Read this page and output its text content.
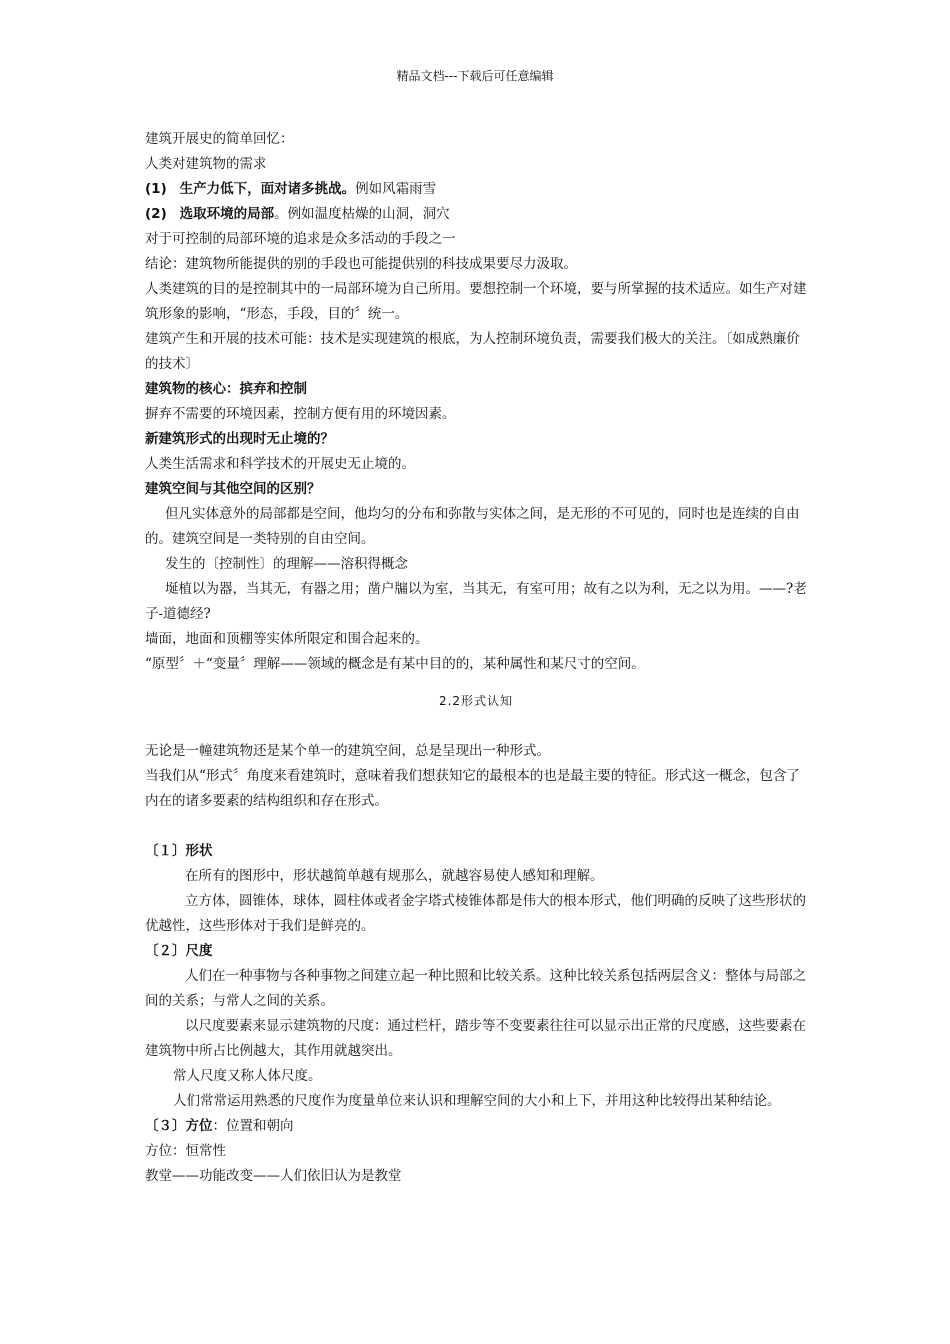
精品文档---下载后可任意编辑

建筑开展史的简单回忆：

人类对建筑物的需求

(1) 生产力低下，面对诸多挑战。例如风霜雨雪

(2) 选取环境的局部。例如温度枯燥的山洞，洞穴

对于可控制的局部环境的追求是众多活动的手段之一

结论：建筑物所能提供的别的手段也可能提供别的科技成果要尽力汲取。

人类建筑的目的是控制其中的一局部环境为自己所用。要想控制一个环境，要与所掌握的技术适应。如生产对建筑形象的影响，“形态，手段，目的〞统一。

建筑产生和开展的技术可能：技术是实现建筑的根底，为人控制环境负责，需要我们极大的关注。〔如成熟廉价的技术〕

建筑物的核心：摈弃和控制

摒弃不需要的环境因素，控制方便有用的环境因素。

新建筑形式的出现时无止境的？

人类生活需求和科学技术的开展史无止境的。

建筑空间与其他空间的区别？

但凡实体意外的局部都是空间，他均匀的分布和弥散与实体之间，是无形的不可见的，同时也是连续的自由的。建筑空间是一类特别的自由空间。

发生的〔控制性〕的理解——溶积得概念

埏植以为器，当其无，有器之用；凿户牖以为室，当其无，有室可用；故有之以为利，无之以为用。——?老子-道德经?

墙面，地面和顶棚等实体所限定和围合起来的。

“原型〞＋“变量〞理解——领域的概念是有某中目的的，某种属性和某尺寸的空间。

2.2形式认知

无论是一幢建筑物还是某个单一的建筑空间，总是呈现出一种形式。

当我们从“形式〞角度来看建筑时，意味着我们想获知它的最根本的也是最主要的特征。形式这一概念，包含了内在的诸多要素的结构组织和存在形式。

〔１〕形状

在所有的图形中，形状越简单越有规那么，就越容易使人感知和理解。

立方体，圆锥体，球体，圆柱体或者金字塔式棱锥体都是伟大的根本形式，他们明确的反映了这些形状的优越性，这些形体对于我们是鲜亮的。

〔２〕尺度

人们在一种事物与各种事物之间建立起一种比照和比较关系。这种比较关系包括两层含义：整体与局部之间的关系；与常人之间的关系。

以尺度要素来显示建筑物的尺度：通过栏杆，踏步等不变要素往往可以显示出正常的尺度感，这些要素在建筑物中所占比例越大，其作用就越突出。

常人尺度又称人体尺度。

人们常常运用熟悉的尺度作为度量单位来认识和理解空间的大小和上下，并用这种比较得出某种结论。

〔３〕方位：位置和朝向

方位：恒常性

教堂——功能改变——人们依旧认为是教堂
